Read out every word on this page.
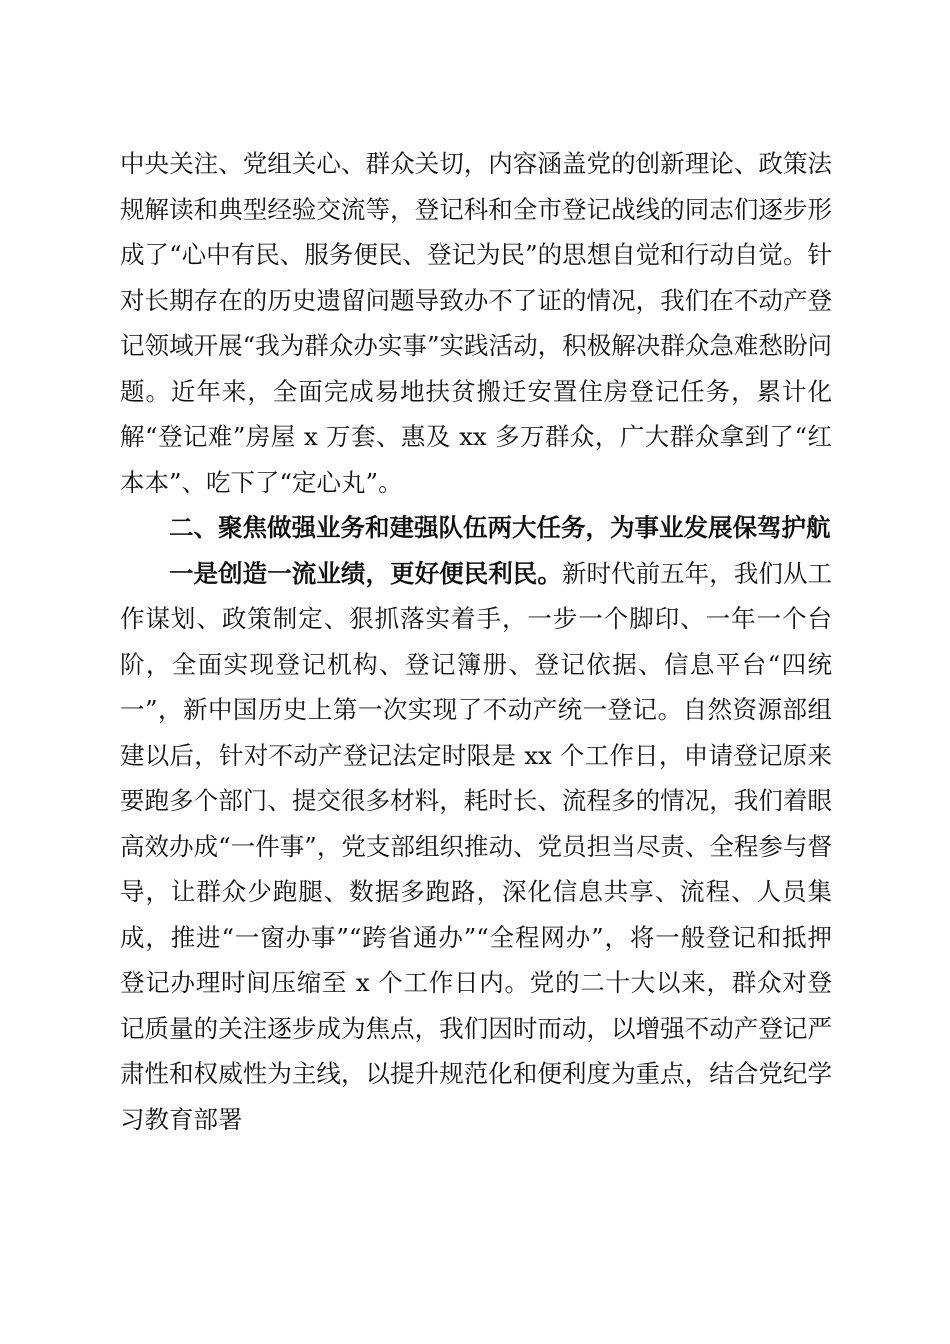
中央关注、党组关心、群众关切，内容涵盖党的创新理论、政策法规解读和典型经验交流等，登记科和全市登记战线的同志们逐步形成了“心中有民、服务便民、登记为民”的思想自觉和行动自觉。针对长期存在的历史遗留问题导致办不了证的情况，我们在不动产登记领域开展“我为群众办实事”实践活动，积极解决群众急难愁盼问题。近年来，全面完成易地扶贫搬迁安置住房登记任务，累计化解“登记难”房屋 x 万套、惠及 xx 多万群众，广大群众拿到了“红本本”、吃下了“定心丸”。

二、聚焦做强业务和建强队伍两大任务，为事业发展保驾护航

一是创造一流业绩，更好便民利民。新时代前五年，我们从工作谋划、政策制定、狠抓落实着手，一步一个脚印、一年一个台阶，全面实现登记机构、登记簿册、登记依据、信息平台“四统一”，新中国历史上第一次实现了不动产统一登记。自然资源部组建以后，针对不动产登记法定时限是 xx 个工作日，申请登记原来要跑多个部门、提交很多材料，耗时长、流程多的情况，我们着眼高效办成“一件事”，党支部组织推动、党员担当尽责、全程参与督导，让群众少跑腿、数据多跑路，深化信息共享、流程、人员集成，推进“一窗办事”“跨省通办”“全程网办”，将一般登记和抵押登记办理时间压缩至 x 个工作日内。党的二十大以来，群众对登记质量的关注逐步成为焦点，我们因时而动，以增强不动产登记严肃性和权威性为主线，以提升规范化和便利度为重点，结合党纪学习教育部署
